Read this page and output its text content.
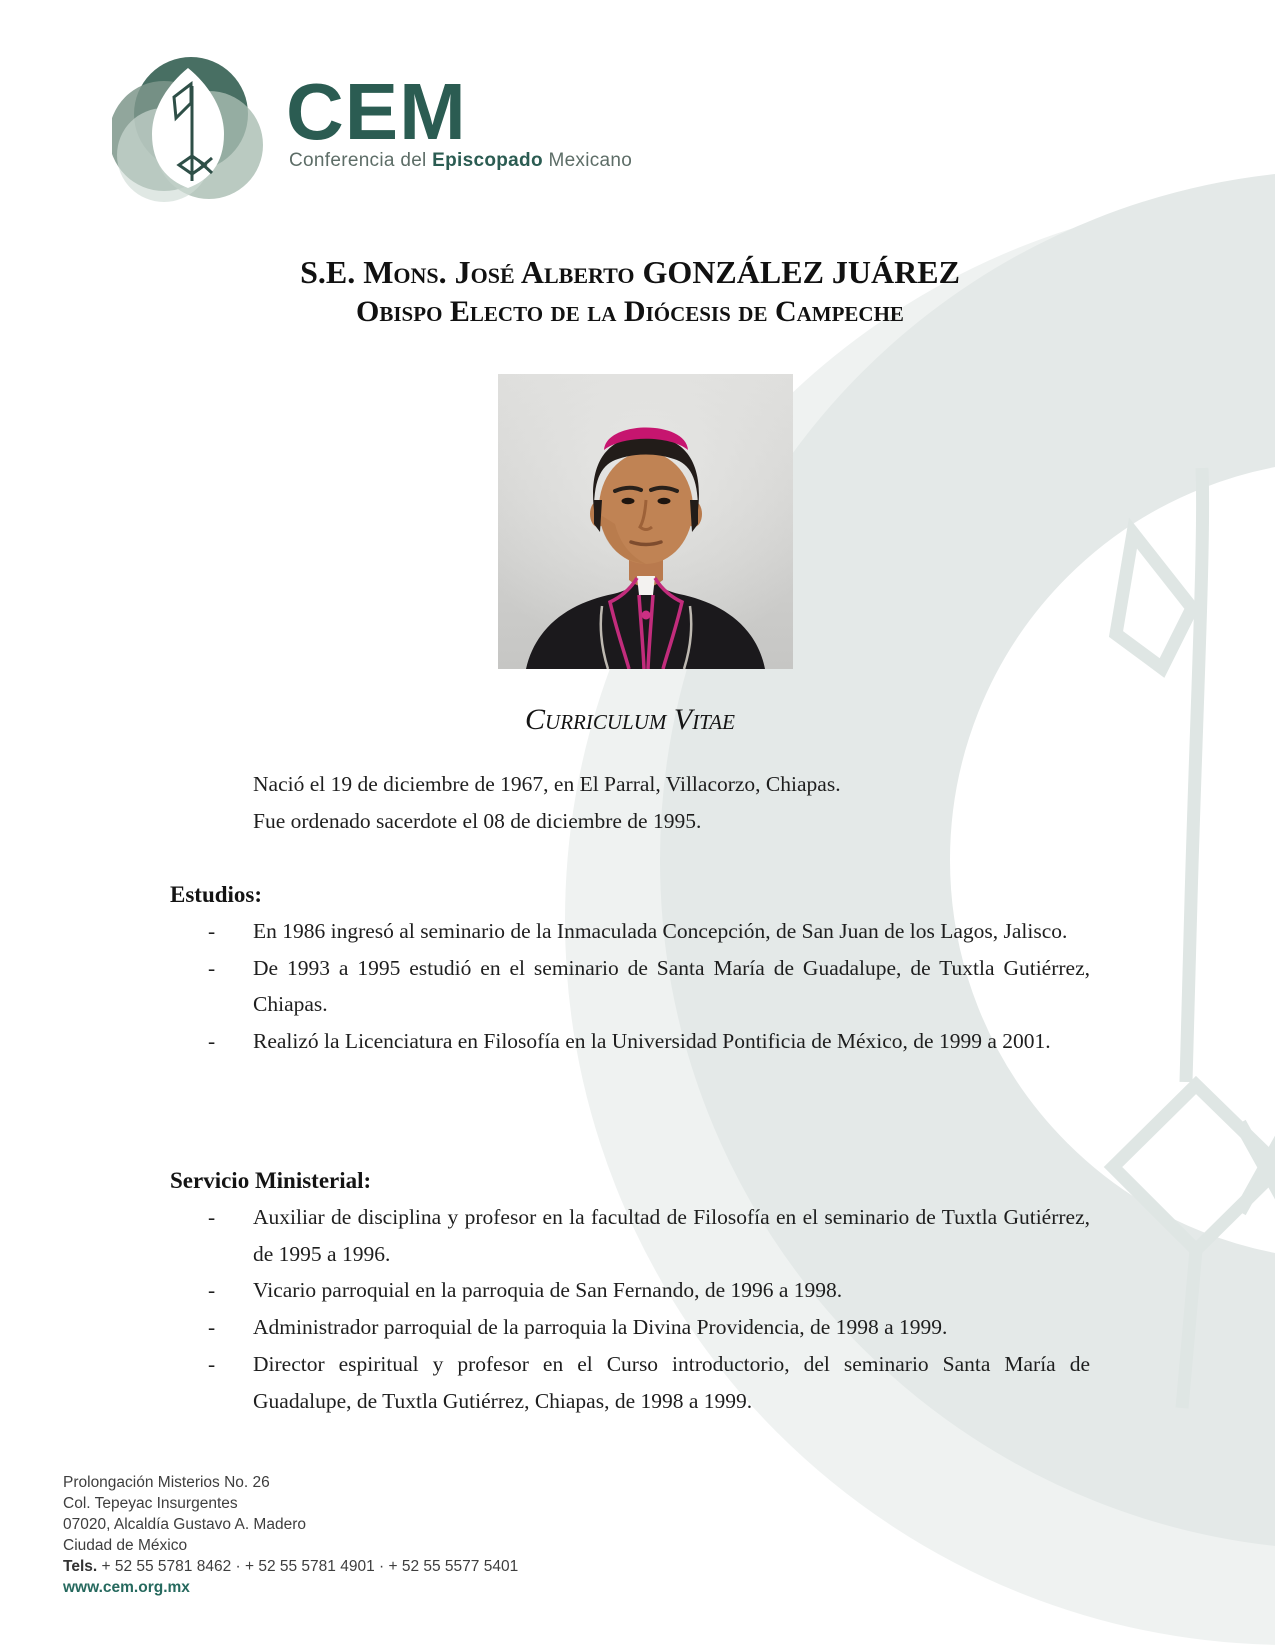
CEM
Conferencia del Episcopado Mexicano
S.E. Mons. José Alberto GONZÁLEZ JUÁREZ
Obispo Electo de la Diócesis de Campeche
Curriculum Vitae
Nació el 19 de diciembre de 1967, en El Parral, Villacorzo, Chiapas.
Fue ordenado sacerdote el 08 de diciembre de 1995.
Estudios:
-	En 1986 ingresó al seminario de la Inmaculada Concepción, de San Juan de los Lagos, Jalisco.
-	De 1993 a 1995 estudió en el seminario de Santa María de Guadalupe, de Tuxtla Gutiérrez, Chiapas.
-	Realizó la Licenciatura en Filosofía en la Universidad Pontificia de México, de 1999 a 2001.
Servicio Ministerial:
-	Auxiliar de disciplina y profesor en la facultad de Filosofía en el seminario de Tuxtla Gutiérrez, de 1995 a 1996.
-	Vicario parroquial en la parroquia de San Fernando, de 1996 a 1998.
-	Administrador parroquial de la parroquia la Divina Providencia, de 1998 a 1999.
-	Director espiritual y profesor en el Curso introductorio, del seminario Santa María de Guadalupe, de Tuxtla Gutiérrez, Chiapas, de 1998 a 1999.
Prolongación Misterios No. 26
Col. Tepeyac Insurgentes
07020, Alcaldía Gustavo A. Madero
Ciudad de México
Tels. + 52 55 5781 8462 · + 52 55 5781 4901 · + 52 55 5577 5401
www.cem.org.mx
